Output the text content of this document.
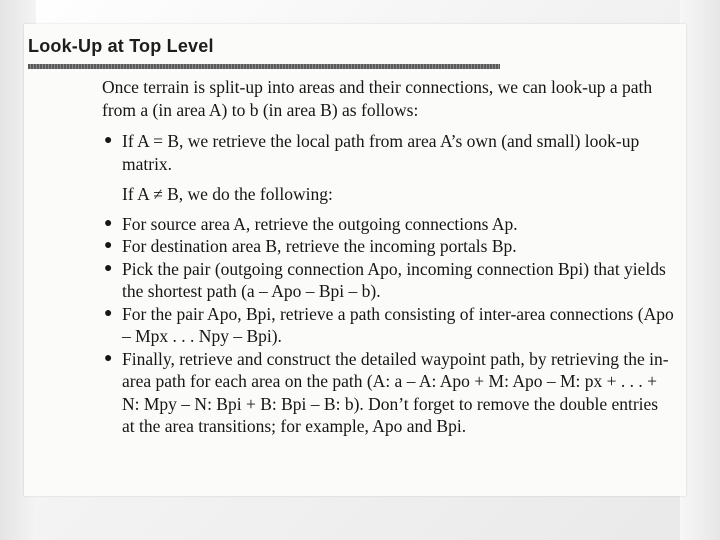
Look-Up at Top Level

Once terrain is split-up into areas and their connections, we can look-up a path from a (in area A) to b (in area B) as follows:

● If A = B, we retrieve the local path from area A’s own (and small) look-up matrix.

If A ≠ B, we do the following:

● For source area A, retrieve the outgoing connections Ap.
● For destination area B, retrieve the incoming portals Bp.
● Pick the pair (outgoing connection Apo, incoming connection Bpi) that yields the shortest path (a – Apo – Bpi – b).
● For the pair Apo, Bpi, retrieve a path consisting of inter-area connections (Apo – Mpx . . . Npy – Bpi).
● Finally, retrieve and construct the detailed waypoint path, by retrieving the in-area path for each area on the path (A: a – A: Apo + M: Apo – M: px + . . . + N: Mpy – N: Bpi + B: Bpi – B: b). Don’t forget to remove the double entries at the area transitions; for example, Apo and Bpi.
